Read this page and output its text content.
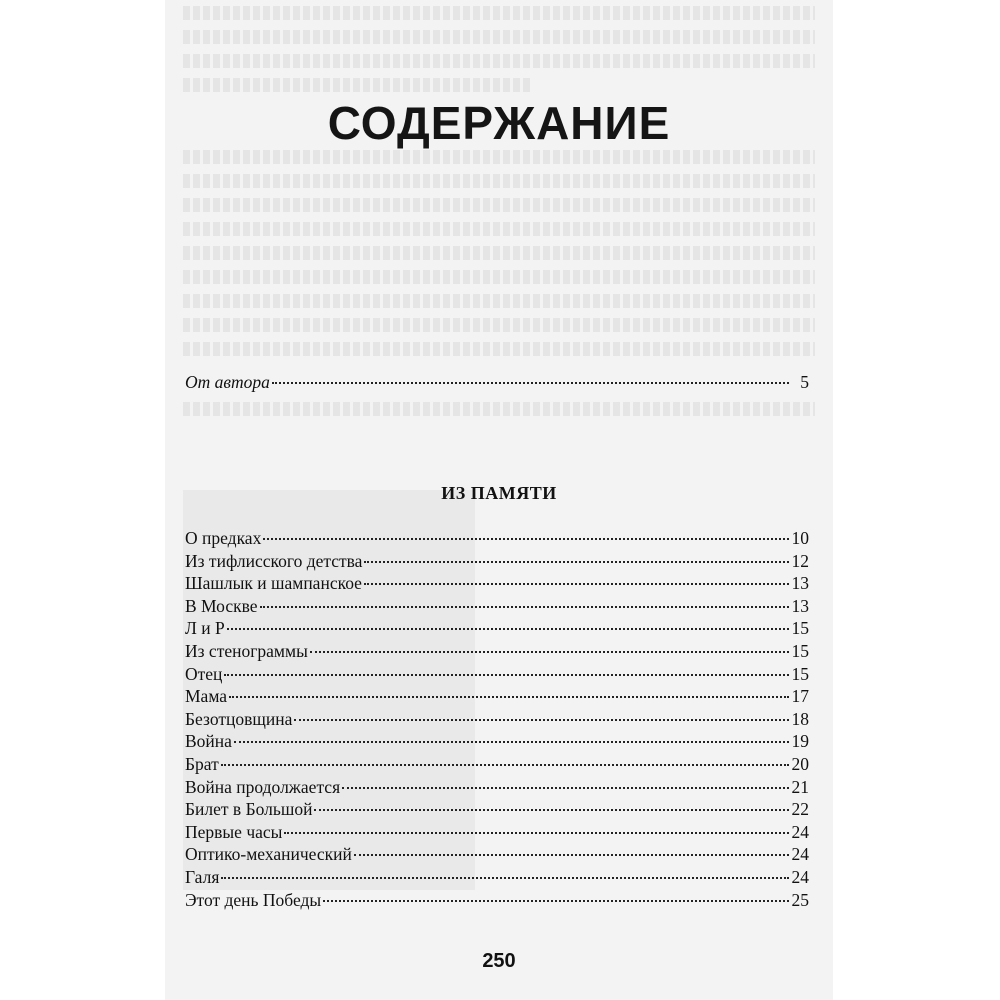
СОДЕРЖАНИЕ
От автора	5
ИЗ ПАМЯТИ
О предках	10
Из тифлисского детства	12
Шашлык и шампанское	13
В Москве	13
Л и Р	15
Из стенограммы	15
Отец	15
Мама	17
Безотцовщина	18
Война	19
Брат	20
Война продолжается	21
Билет в Большой	22
Первые часы	24
Оптико-механический	24
Галя	24
Этот день Победы	25
250
